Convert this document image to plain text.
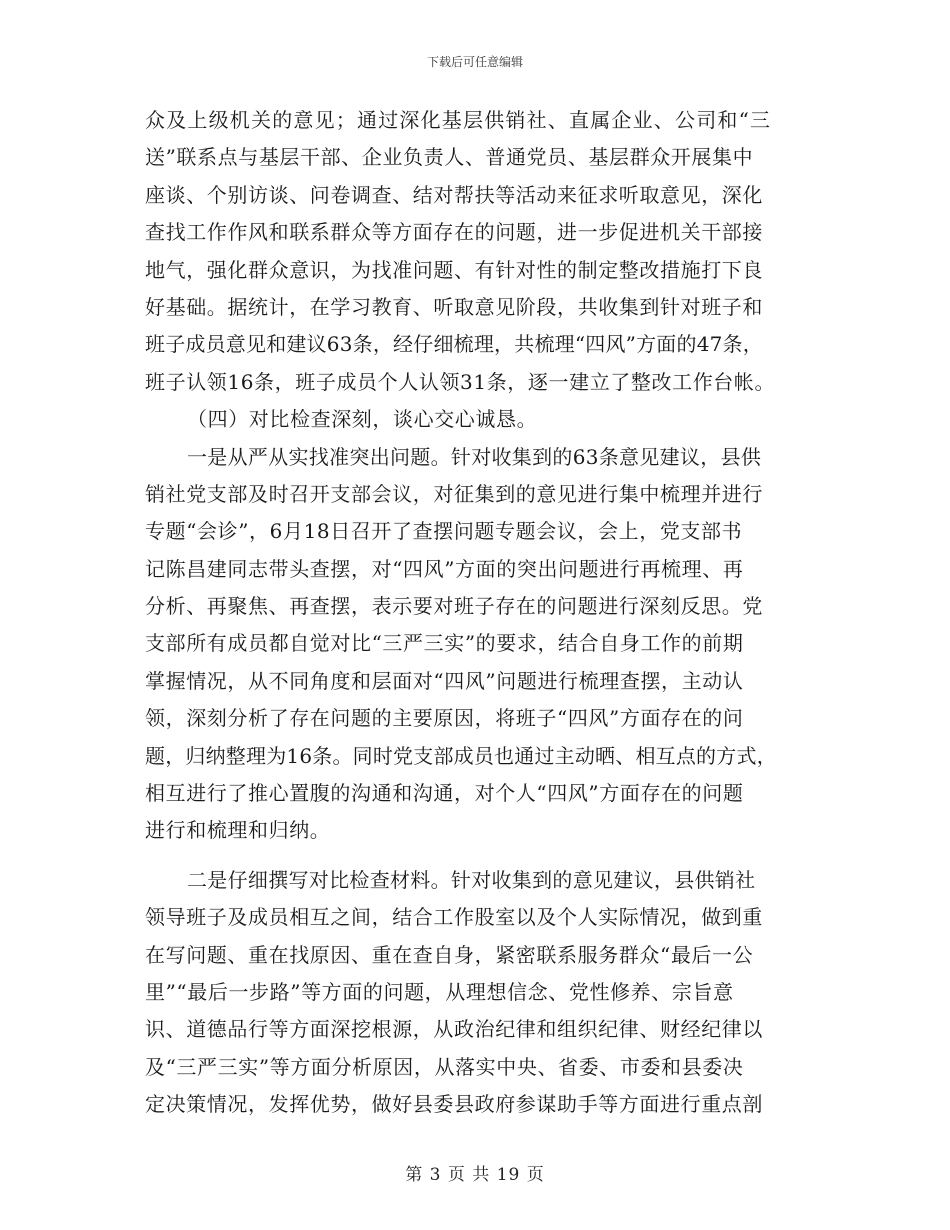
下载后可任意编辑
众及上级机关的意见；通过深化基层供销社、直属企业、公司和“三
送”联系点与基层干部、企业负责人、普通党员、基层群众开展集中
座谈、个别访谈、问卷调查、结对帮扶等活动来征求听取意见，深化
查找工作作风和联系群众等方面存在的问题，进一步促进机关干部接
地气，强化群众意识，为找准问题、有针对性的制定整改措施打下良
好基础。据统计，在学习教育、听取意见阶段，共收集到针对班子和
班子成员意见和建议63条，经仔细梳理，共梳理“四风”方面的47条，
班子认领16条，班子成员个人认领31条，逐一建立了整改工作台帐。
（四）对比检查深刻，谈心交心诚恳。
一是从严从实找准突出问题。针对收集到的63条意见建议，县供
销社党支部及时召开支部会议，对征集到的意见进行集中梳理并进行
专题“会诊”，6月18日召开了查摆问题专题会议，会上，党支部书
记陈昌建同志带头查摆，对“四风”方面的突出问题进行再梳理、再
分析、再聚焦、再查摆，表示要对班子存在的问题进行深刻反思。党
支部所有成员都自觉对比“三严三实”的要求，结合自身工作的前期
掌握情况，从不同角度和层面对“四风”问题进行梳理查摆，主动认
领，深刻分析了存在问题的主要原因，将班子“四风”方面存在的问
题，归纳整理为16条。同时党支部成员也通过主动晒、相互点的方式，
相互进行了推心置腹的沟通和沟通，对个人“四风”方面存在的问题
进行和梳理和归纳。
二是仔细撰写对比检查材料。针对收集到的意见建议，县供销社
领导班子及成员相互之间，结合工作股室以及个人实际情况，做到重
在写问题、重在找原因、重在查自身，紧密联系服务群众“最后一公
里”“最后一步路”等方面的问题，从理想信念、党性修养、宗旨意
识、道德品行等方面深挖根源，从政治纪律和组织纪律、财经纪律以
及“三严三实”等方面分析原因，从落实中央、省委、市委和县委决
定决策情况，发挥优势，做好县委县政府参谋助手等方面进行重点剖
第 3 页 共 19 页
